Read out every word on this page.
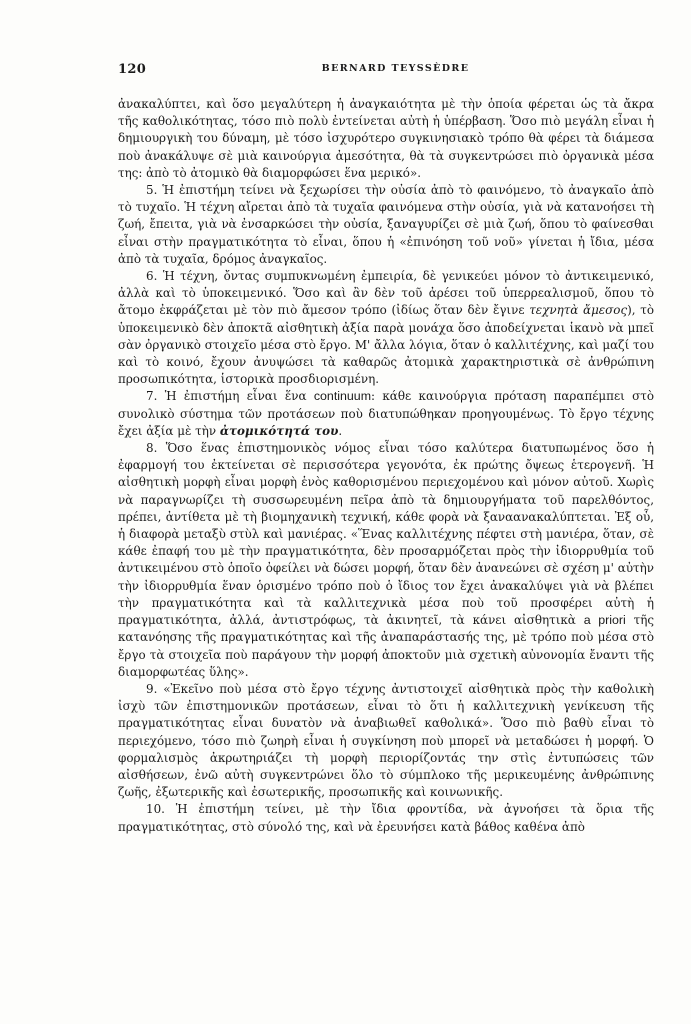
120	BERNARD TEYSSÈDRE

ἀνακαλύπτει, καὶ ὅσο μεγαλύτερη ἡ ἀναγκαιότητα μὲ τὴν ὁποία φέρεται ὡς τὰ ἄκρα τῆς καθολικότητας, τόσο πιὸ πολὺ ἐντείνεται αὐτὴ ἡ ὑπέρβαση. Ὅσο πιὸ μεγάλη εἶναι ἡ δημιουργικὴ του δύναμη, μὲ τόσο ἰσχυρότερο συγκινησιακὸ τρόπο θὰ φέρει τὰ διάμεσα ποὺ ἀνακάλυψε σὲ μιὰ καινούργια ἀμεσότητα, θὰ τὰ συγκεντρώσει πιὸ ὀργανικὰ μέσα της: ἀπὸ τὸ ἀτομικὸ θὰ διαμορφώσει ἕνα μερικό».

5. Ἡ ἐπιστήμη τείνει νὰ ξεχωρίσει τὴν οὐσία ἀπὸ τὸ φαινόμενο, τὸ ἀναγκαῖο ἀπὸ τὸ τυχαῖο. Ἡ τέχνη αἴρεται ἀπὸ τὰ τυχαῖα φαινόμενα στὴν οὐσία, γιὰ νὰ κατανοήσει τὴ ζωή, ἔπειτα, γιὰ νὰ ἐνσαρκώσει τὴν οὐσία, ξαναγυρίζει σὲ μιὰ ζωή, ὅπου τὸ φαίνεσθαι εἶναι στὴν πραγματικότητα τὸ εἶναι, ὅπου ἡ «ἐπινόηση τοῦ νοῦ» γίνεται ἡ ἴδια, μέσα ἀπὸ τὰ τυχαῖα, δρόμος ἀναγκαῖος.

6. Ἡ τέχνη, ὄντας συμπυκνωμένη ἐμπειρία, δὲ γενικεύει μόνον τὸ ἀντικειμενικό, ἀλλὰ καὶ τὸ ὑποκειμενικό. Ὅσο καὶ ἂν δὲν τοῦ ἀρέσει τοῦ ὑπερρεαλισμοῦ, ὅπου τὸ ἄτομο ἐκφράζεται μὲ τὸν πιὸ ἄμεσον τρόπο (ἰδίως ὅταν δὲν ἔγινε τεχνητὰ ἄμεσος), τὸ ὑποκειμενικὸ δὲν ἀποκτᾶ αἰσθητικὴ ἀξία παρὰ μονάχα ὅσο ἀποδείχνεται ἱκανὸ νὰ μπεῖ σὰν ὀργανικὸ στοιχεῖο μέσα στὸ ἔργο. Μ' ἄλλα λόγια, ὅταν ὁ καλλιτέχνης, καὶ μαζί του καὶ τὸ κοινό, ἔχουν ἀνυψώσει τὰ καθαρῶς ἀτομικὰ χαρακτηριστικὰ σὲ ἀνθρώπινη προσωπικότητα, ἱστορικὰ προσδιορισμένη.

7. Ἡ ἐπιστήμη εἶναι ἕνα continuum: κάθε καινούργια πρόταση παραπέμπει στὸ συνολικὸ σύστημα τῶν προτάσεων ποὺ διατυπώθηκαν προηγουμένως. Τὸ ἔργο τέχνης ἔχει ἀξία μὲ τὴν ἀτομικότητά του.

8. Ὅσο ἕνας ἐπιστημονικὸς νόμος εἶναι τόσο καλύτερα διατυπωμένος ὅσο ἡ ἐφαρμογή του ἐκτείνεται σὲ περισσότερα γεγονότα, ἐκ πρώτης ὄψεως ἑτερογενῆ. Ἡ αἰσθητικὴ μορφὴ εἶναι μορφὴ ἑνὸς καθορισμένου περιεχομένου καὶ μόνον αὐτοῦ. Χωρὶς νὰ παραγνωρίζει τὴ συσσωρευμένη πεῖρα ἀπὸ τὰ δημιουργήματα τοῦ παρελθόντος, πρέπει, ἀντίθετα μὲ τὴ βιομηχανικὴ τεχνική, κάθε φορὰ νὰ ξαναανακαλύπτεται. Ἐξ οὗ, ἡ διαφορὰ μεταξὺ στὺλ καὶ μανιέρας. «Ἕνας καλλιτέχνης πέφτει στὴ μανιέρα, ὅταν, σὲ κάθε ἐπαφή του μὲ τὴν πραγματικότητα, δὲν προσαρμόζεται πρὸς τὴν ἰδιορρυθμία τοῦ ἀντικειμένου στὸ ὁποῖο ὀφείλει νὰ δώσει μορφή, ὅταν δὲν ἀνανεώνει σὲ σχέση μ' αὐτὴν τὴν ἰδιορρυθμία ἕναν ὁρισμένο τρόπο ποὺ ὁ ἴδιος τον ἔχει ἀνακαλύψει γιὰ νὰ βλέπει τὴν πραγματικότητα καὶ τὰ καλλιτεχνικὰ μέσα ποὺ τοῦ προσφέρει αὐτὴ ἡ πραγματικότητα, ἀλλά, ἀντιστρόφως, τὰ ἀκινητεῖ, τὰ κάνει αἰσθητικὰ a priori τῆς κατανόησης τῆς πραγματικότητας καὶ τῆς ἀναπαράστασής της, μὲ τρόπο ποὺ μέσα στὸ ἔργο τὰ στοιχεῖα ποὺ παράγουν τὴν μορφή ἀποκτοῦν μιὰ σχετικὴ αὐνονομία ἔναντι τῆς διαμορφωτέας ὕλης».

9. «Ἐκεῖνο ποὺ μέσα στὸ ἔργο τέχνης ἀντιστοιχεῖ αἰσθητικὰ πρὸς τὴν καθολικὴ ἰσχὺ τῶν ἐπιστημονικῶν προτάσεων, εἶναι τὸ ὅτι ἡ καλλιτεχνικὴ γενίκευση τῆς πραγματικότητας εἶναι δυνατὸν νὰ ἀναβιωθεῖ καθολικά». Ὅσο πιὸ βαθὺ εἶναι τὸ περιεχόμενο, τόσο πιὸ ζωηρὴ εἶναι ἡ συγκίνηση ποὺ μπορεῖ νὰ μεταδώσει ἡ μορφή. Ὁ φορμαλισμὸς ἀκρωτηριάζει τὴ μορφὴ περιορίζοντάς την στὶς ἐντυπώσεις τῶν αἰσθήσεων, ἐνῶ αὐτὴ συγκεντρώνει ὅλο τὸ σύμπλοκο τῆς μερικευμένης ἀνθρώπινης ζωῆς, ἐξωτερικῆς καὶ ἐσωτερικῆς, προσωπικῆς καὶ κοινωνικῆς.

10. Ἡ ἐπιστήμη τείνει, μὲ τὴν ἴδια φροντίδα, νὰ ἀγνοήσει τὰ ὅρια τῆς πραγματικότητας, στὸ σύνολό της, καὶ νὰ ἐρευνήσει κατὰ βάθος καθένα ἀπὸ
